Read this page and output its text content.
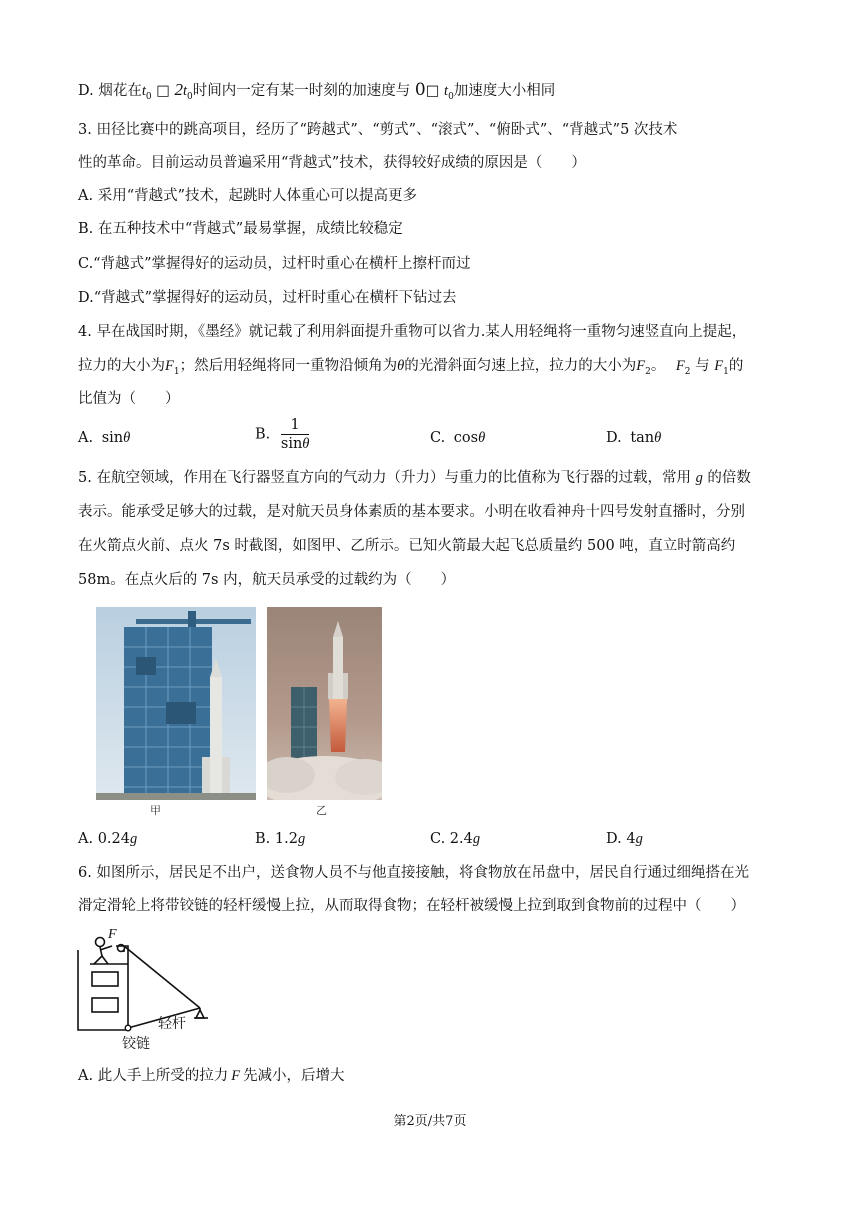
D. 烟花在$t_0$ □ $2t_0$时间内一定有某一时刻的加速度与 0□ $t_0$加速度大小相同
3. 田径比赛中的跳高项目，经历了“跨越式”、“剪式”、“滚式”、“俯卧式”、“背越式”5 次技术
性的革命。目前运动员普遍采用“背越式”技术，获得较好成绩的原因是（　　）
A. 采用“背越式”技术，起跳时人体重心可以提高更多
B. 在五种技术中“背越式”最易掌握，成绩比较稳定
C.“背越式”掌握得好的运动员，过杆时重心在横杆上擦杆而过
D.“背越式”掌握得好的运动员，过杆时重心在横杆下钻过去
4. 早在战国时期，《墨经》就记载了利用斜面提升重物可以省力.某人用轻绳将一重物匀速竖直向上提起，
拉力的大小为$F_1$；然后用轻绳将同一重物沿倾角为θ的光滑斜面匀速上拉，拉力的大小为$F_2$。 $F_2$ 与 $F_1$的
比值为（　　）
A. sinθ	B. $\frac{1}{\sin\theta}$	C. cosθ	D. tanθ
5. 在航空领域，作用在飞行器竖直方向的气动力（升力）与重力的比值称为飞行器的过载，常用 g 的倍数
表示。能承受足够大的过载，是对航天员身体素质的基本要求。小明在收看神舟十四号发射直播时，分别
在火箭点火前、点火 7s 时截图，如图甲、乙所示。已知火箭最大起飞总质量约 500 吨，直立时箭高约
58m。在点火后的 7s 内，航天员承受的过载约为（　　）
甲	乙
A. 0.24g	B. 1.2g	C. 2.4g	D. 4g
6. 如图所示，居民足不出户，送食物人员不与他直接接触，将食物放在吊盘中，居民自行通过细绳搭在光
滑定滑轮上将带铰链的轻杆缓慢上拉，从而取得食物；在轻杆被缓慢上拉到取到食物前的过程中（　　）
F
轻杆
铰链
A. 此人手上所受的拉力 F 先减小，后增大
第2页/共7页
